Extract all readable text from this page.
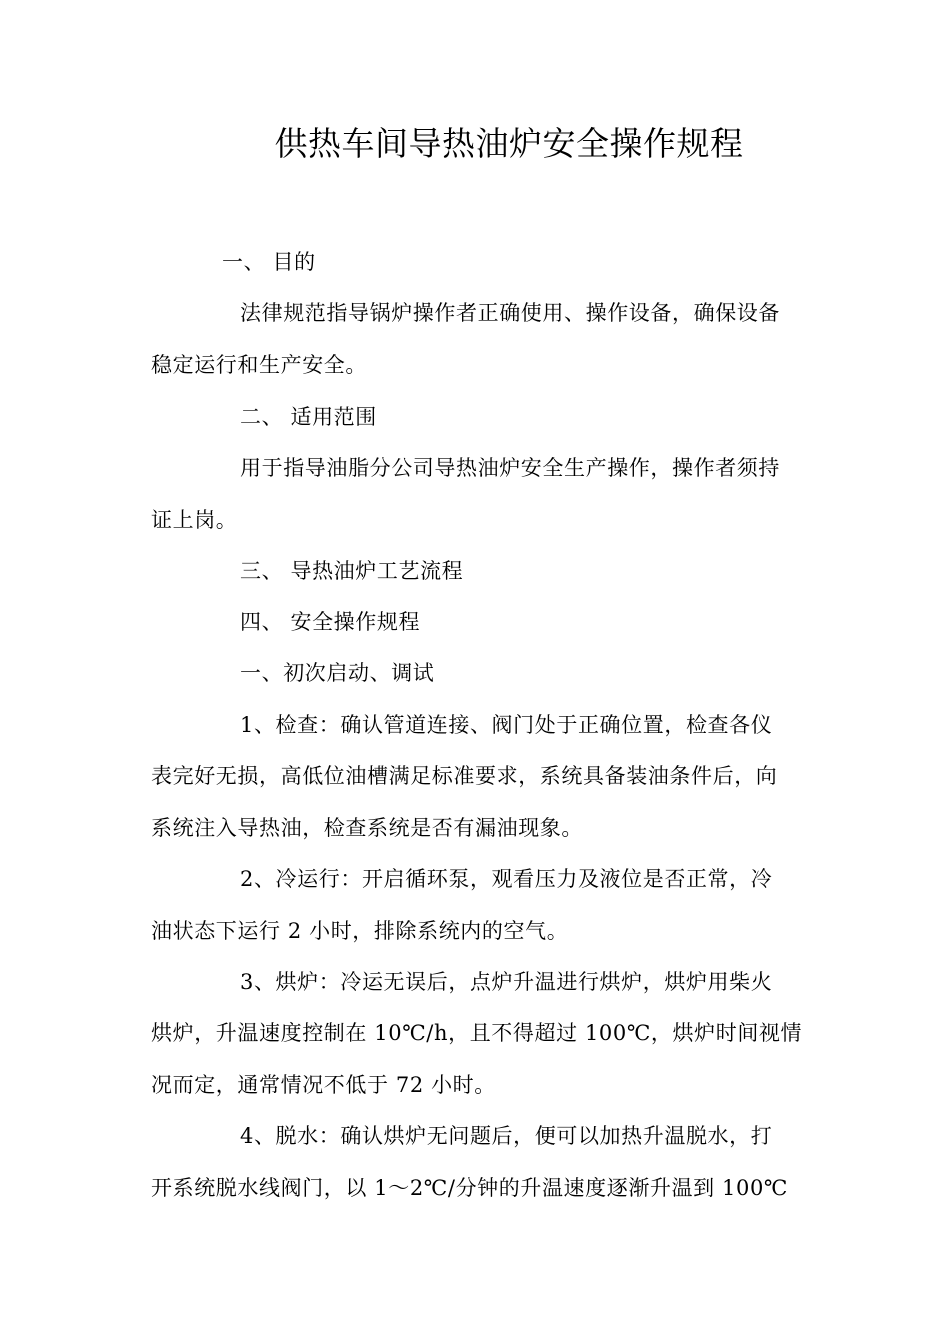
供热车间导热油炉安全操作规程
一、 目的
法律规范指导锅炉操作者正确使用、操作设备，确保设备
稳定运行和生产安全。
二、 适用范围
用于指导油脂分公司导热油炉安全生产操作，操作者须持
证上岗。
三、 导热油炉工艺流程
四、 安全操作规程
一、初次启动、调试
1、检查：确认管道连接、阀门处于正确位置，检查各仪
表完好无损，高低位油槽满足标准要求，系统具备装油条件后，向
系统注入导热油，检查系统是否有漏油现象。
2、冷运行：开启循环泵，观看压力及液位是否正常，冷
油状态下运行 2 小时，排除系统内的空气。
3、烘炉：冷运无误后，点炉升温进行烘炉，烘炉用柴火
烘炉，升温速度控制在 10℃/h，且不得超过 100℃，烘炉时间视情
况而定，通常情况不低于 72 小时。
4、脱水：确认烘炉无问题后，便可以加热升温脱水，打
开系统脱水线阀门，以 1～2℃/分钟的升温速度逐渐升温到 100℃
